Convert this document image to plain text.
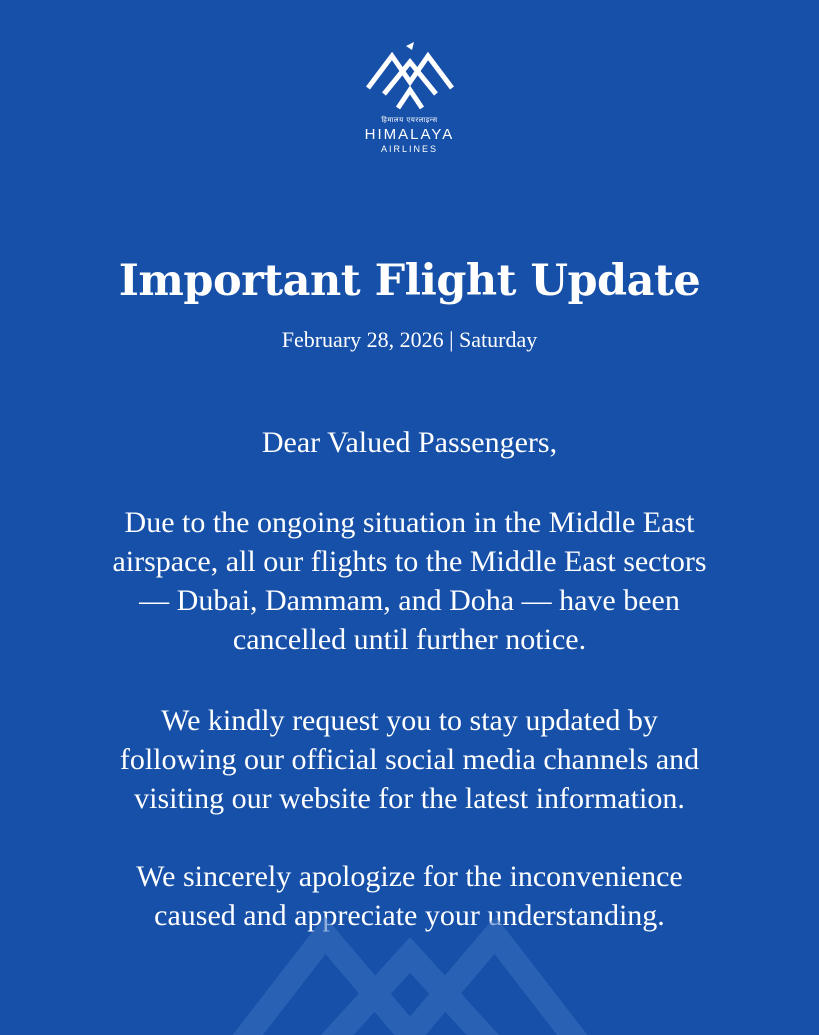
हिमालय एयरलाइन्स
HIMALAYA
AIRLINES
Important Flight Update
February 28, 2026 | Saturday
Dear Valued Passengers,
Due to the ongoing situation in the Middle East
airspace, all our flights to the Middle East sectors
— Dubai, Dammam, and Doha — have been
cancelled until further notice.
We kindly request you to stay updated by
following our official social media channels and
visiting our website for the latest information.
We sincerely apologize for the inconvenience
caused and appreciate your understanding.
